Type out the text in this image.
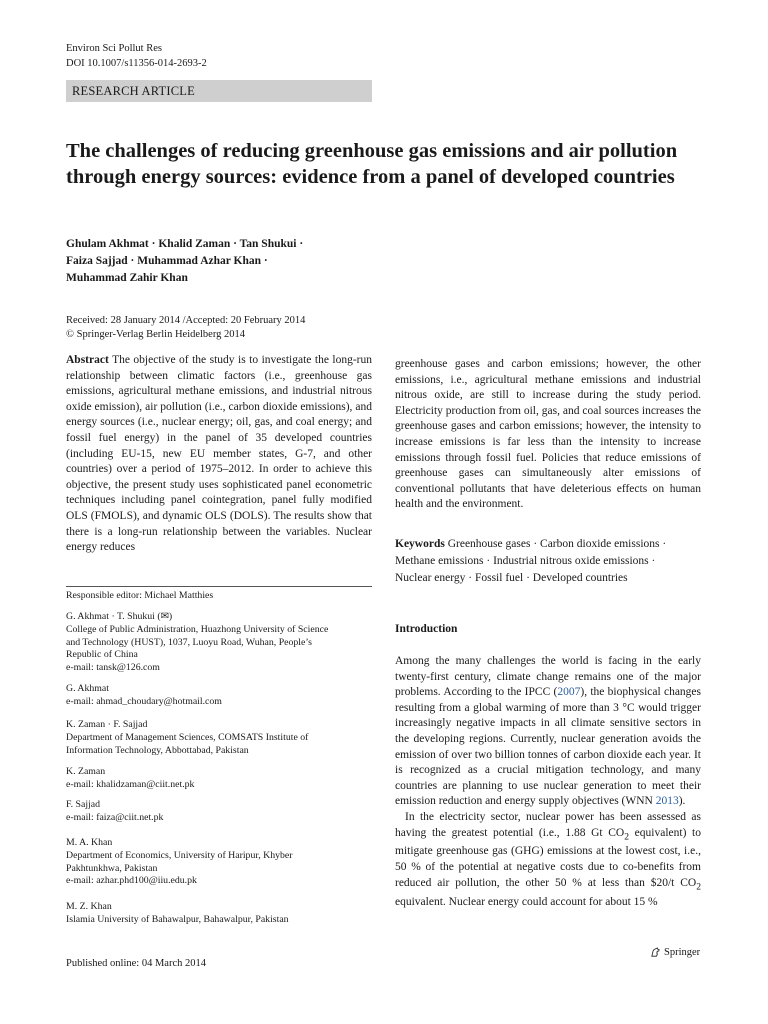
Environ Sci Pollut Res
DOI 10.1007/s11356-014-2693-2
RESEARCH ARTICLE
The challenges of reducing greenhouse gas emissions and air pollution through energy sources: evidence from a panel of developed countries
Ghulam Akhmat · Khalid Zaman · Tan Shukui ·
Faiza Sajjad · Muhammad Azhar Khan ·
Muhammad Zahir Khan
Received: 28 January 2014 /Accepted: 20 February 2014
© Springer-Verlag Berlin Heidelberg 2014
Abstract The objective of the study is to investigate the long-run relationship between climatic factors (i.e., greenhouse gas emissions, agricultural methane emissions, and industrial nitrous oxide emission), air pollution (i.e., carbon dioxide emissions), and energy sources (i.e., nuclear energy; oil, gas, and coal energy; and fossil fuel energy) in the panel of 35 developed countries (including EU-15, new EU member states, G-7, and other countries) over a period of 1975–2012. In order to achieve this objective, the present study uses sophisticated panel econometric techniques including panel cointegration, panel fully modified OLS (FMOLS), and dynamic OLS (DOLS). The results show that there is a long-run relationship between the variables. Nuclear energy reduces
greenhouse gases and carbon emissions; however, the other emissions, i.e., agricultural methane emissions and industrial nitrous oxide, are still to increase during the study period. Electricity production from oil, gas, and coal sources increases the greenhouse gases and carbon emissions; however, the intensity to increase emissions is far less than the intensity to increase emissions through fossil fuel. Policies that reduce emissions of greenhouse gases can simultaneously alter emissions of conventional pollutants that have deleterious effects on human health and the environment.
Responsible editor: Michael Matthies
G. Akhmat · T. Shukui (✉)
College of Public Administration, Huazhong University of Science
and Technology (HUST), 1037, Luoyu Road, Wuhan, People’s
Republic of China
e-mail: tansk@126.com
G. Akhmat
e-mail: ahmad_choudary@hotmail.com
K. Zaman · F. Sajjad
Department of Management Sciences, COMSATS Institute of
Information Technology, Abbottabad, Pakistan
K. Zaman
e-mail: khalidzaman@ciit.net.pk
F. Sajjad
e-mail: faiza@ciit.net.pk
M. A. Khan
Department of Economics, University of Haripur, Khyber
Pakhtunkhwa, Pakistan
e-mail: azhar.phd100@iiu.edu.pk
M. Z. Khan
Islamia University of Bahawalpur, Bahawalpur, Pakistan
Keywords Greenhouse gases · Carbon dioxide emissions ·
Methane emissions · Industrial nitrous oxide emissions ·
Nuclear energy · Fossil fuel · Developed countries
Introduction

Among the many challenges the world is facing in the early twenty-first century, climate change remains one of the major problems. According to the IPCC (2007), the biophysical changes resulting from a global warming of more than 3 °C would trigger increasingly negative impacts in all climate sensitive sectors in the developing regions. Currently, nuclear generation avoids the emission of over two billion tonnes of carbon dioxide each year. It is recognized as a crucial mitigation technology, and many countries are planning to use nuclear generation to meet their emission reduction and energy supply objectives (WNN 2013).

In the electricity sector, nuclear power has been assessed as having the greatest potential (i.e., 1.88 Gt $CO_2$ equivalent) to mitigate greenhouse gas (GHG) emissions at the lowest cost, i.e., 50 % of the potential at negative costs due to co-benefits from reduced air pollution, the other 50 % at less than $20/t $CO_2$ equivalent. Nuclear energy could account for about 15 %

Published online: 04 March 2014
Springer
